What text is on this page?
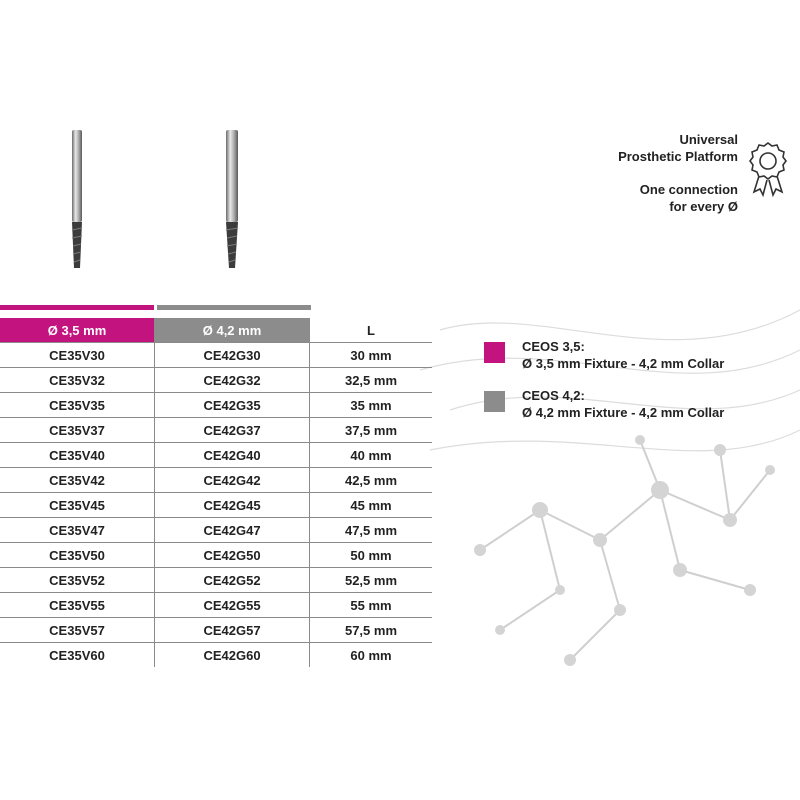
Ø 3,5 mm	Ø 4,2 mm	L
CE35V30	CE42G30	30 mm
CE35V32	CE42G32	32,5 mm
CE35V35	CE42G35	35 mm
CE35V37	CE42G37	37,5 mm
CE35V40	CE42G40	40 mm
CE35V42	CE42G42	42,5 mm
CE35V45	CE42G45	45 mm
CE35V47	CE42G47	47,5 mm
CE35V50	CE42G50	50 mm
CE35V52	CE42G52	52,5 mm
CE35V55	CE42G55	55 mm
CE35V57	CE42G57	57,5 mm
CE35V60	CE42G60	60 mm
Universal
Prosthetic Platform
One connection
for every Ø
CEOS 3,5:
Ø 3,5 mm Fixture - 4,2 mm Collar
CEOS 4,2:
Ø 4,2 mm Fixture - 4,2 mm Collar
